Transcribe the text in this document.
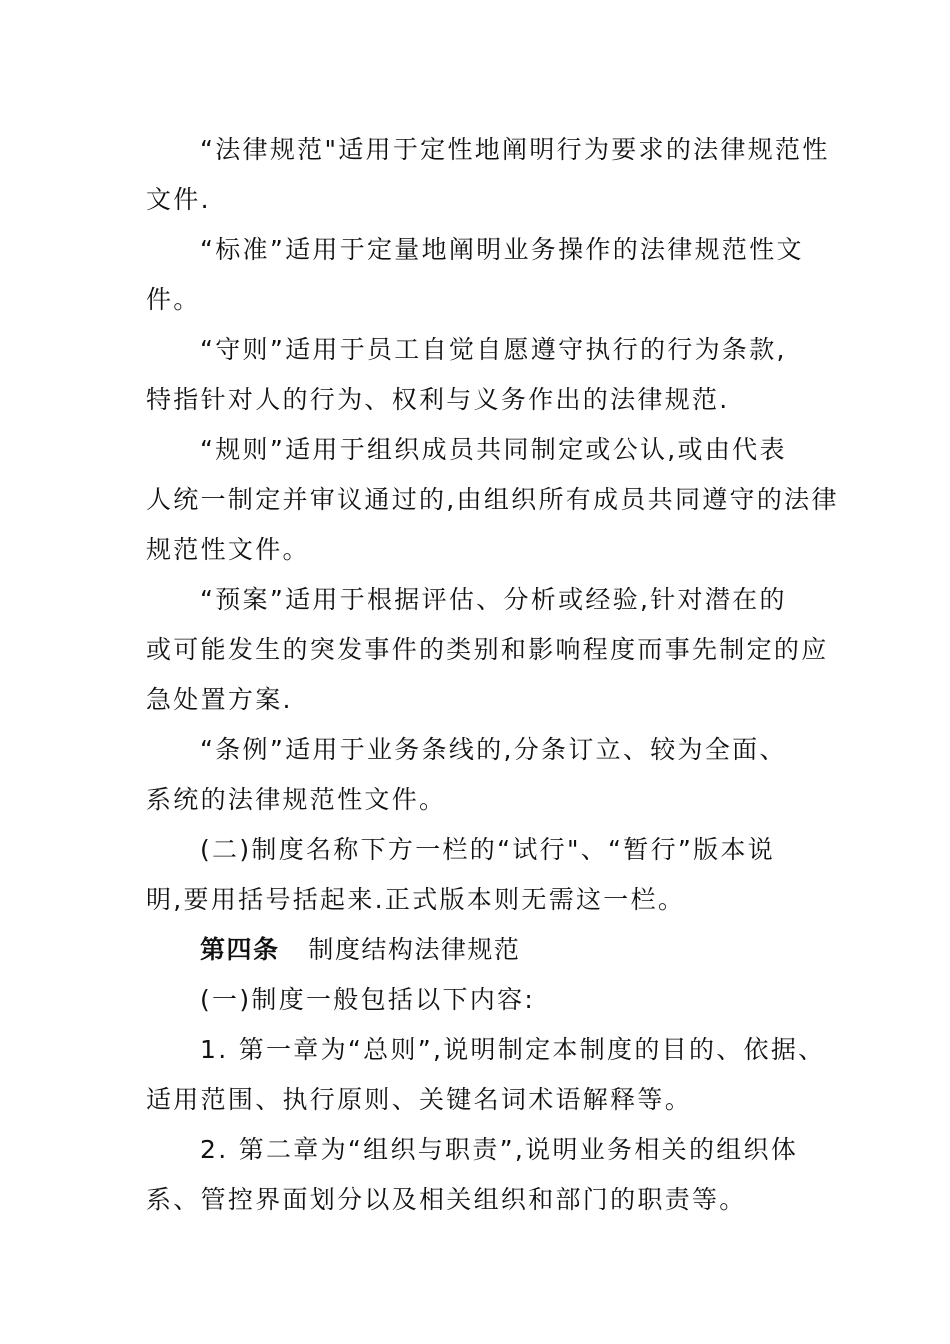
“法律规范"适用于定性地阐明行为要求的法律规范性
文件.
“标准”适用于定量地阐明业务操作的法律规范性文
件。
“守则”适用于员工自觉自愿遵守执行的行为条款,
特指针对人的行为、权利与义务作出的法律规范.
“规则”适用于组织成员共同制定或公认,或由代表
人统一制定并审议通过的,由组织所有成员共同遵守的法律
规范性文件。
“预案”适用于根据评估、分析或经验,针对潜在的
或可能发生的突发事件的类别和影响程度而事先制定的应
急处置方案.
“条例”适用于业务条线的,分条订立、较为全面、
系统的法律规范性文件。
(二)制度名称下方一栏的“试行"、“暂行”版本说
明,要用括号括起来.正式版本则无需这一栏。
第四条 制度结构法律规范
(一)制度一般包括以下内容:
1. 第一章为“总则”,说明制定本制度的目的、依据、
适用范围、执行原则、关键名词术语解释等。
2. 第二章为“组织与职责”,说明业务相关的组织体
系、管控界面划分以及相关组织和部门的职责等。
